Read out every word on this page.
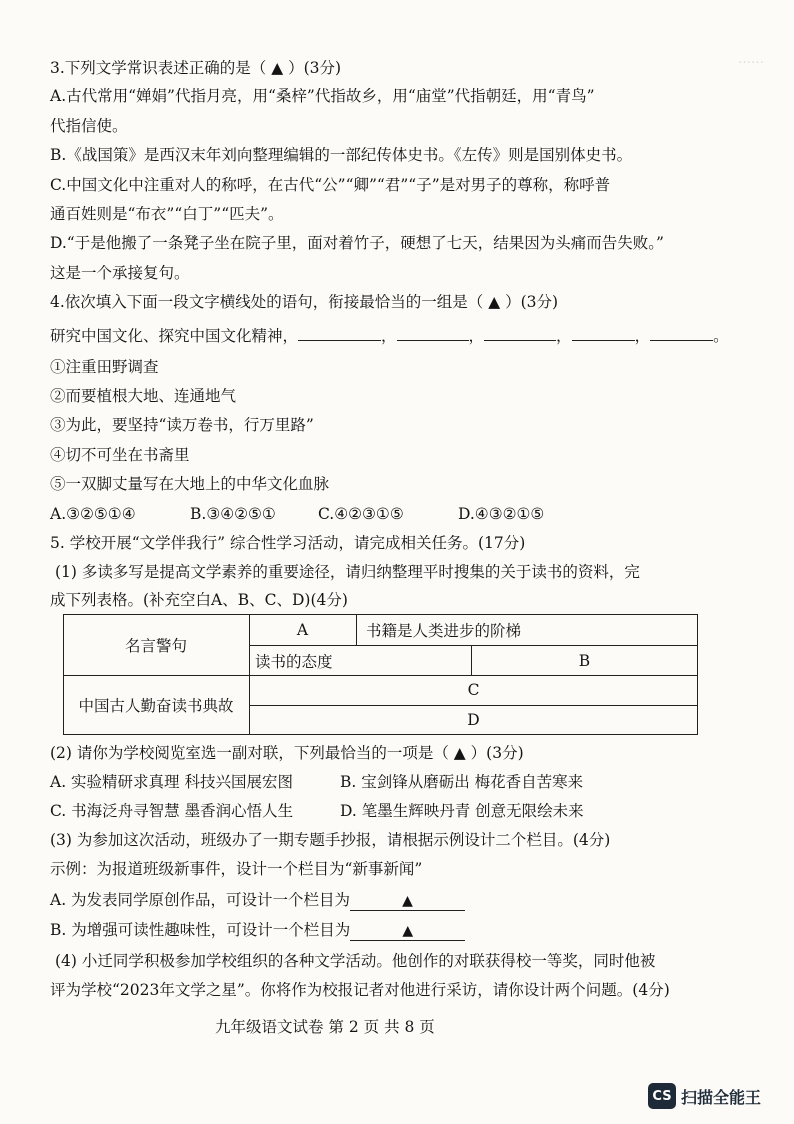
……
3.下列文学常识表述正确的是（ ▲ ）(3分)
A.古代常用“婵娟”代指月亮，用“桑梓”代指故乡，用“庙堂”代指朝廷，用“青鸟”
代指信使。
B.《战国策》是西汉末年刘向整理编辑的一部纪传体史书。《左传》则是国别体史书。
C.中国文化中注重对人的称呼，在古代“公”“卿”“君”“子”是对男子的尊称，称呼普
通百姓则是“布衣”“白丁”“匹夫”。
D.“于是他搬了一条凳子坐在院子里，面对着竹子，硬想了七天，结果因为头痛而告失败。”
这是一个承接复句。
4.依次填入下面一段文字横线处的语句，衔接最恰当的一组是（ ▲ ）(3分)
研究中国文化、探究中国文化精神，	，	，	，	，	。
①注重田野调查
②而要植根大地、连通地气
③为此，要坚持“读万卷书，行万里路”
④切不可坐在书斋里
⑤一双脚丈量写在大地上的中华文化血脉
A.③②⑤①④	B.③④②⑤①	C.④②③①⑤	D.④③②①⑤
5. 学校开展“文学伴我行” 综合性学习活动，请完成相关任务。(17分)
(1) 多读多写是提高文学素养的重要途径，请归纳整理平时搜集的关于读书的资料，完
成下列表格。(补充空白A、B、C、D)(4分)
名言警句
A	书籍是人类进步的阶梯
读书的态度	B
中国古人勤奋读书典故
C
D
(2) 请你为学校阅览室选一副对联，下列最恰当的一项是（ ▲ ）(3分)
A. 实验精研求真理 科技兴国展宏图	B. 宝剑锋从磨砺出 梅花香自苦寒来
C. 书海泛舟寻智慧 墨香润心悟人生	D. 笔墨生辉映丹青 创意无限绘未来
(3) 为参加这次活动，班级办了一期专题手抄报，请根据示例设计二个栏目。(4分)
示例：为报道班级新事件，设计一个栏目为“新事新闻”
A. 为发表同学原创作品，可设计一个栏目为	▲
B. 为增强可读性趣味性，可设计一个栏目为	▲
(4) 小迁同学积极参加学校组织的各种文学活动。他创作的对联获得校一等奖，同时他被
评为学校“2023年文学之星”。你将作为校报记者对他进行采访，请你设计两个问题。(4分)
九年级语文试卷 第 2 页 共 8 页
CS 扫描全能王
